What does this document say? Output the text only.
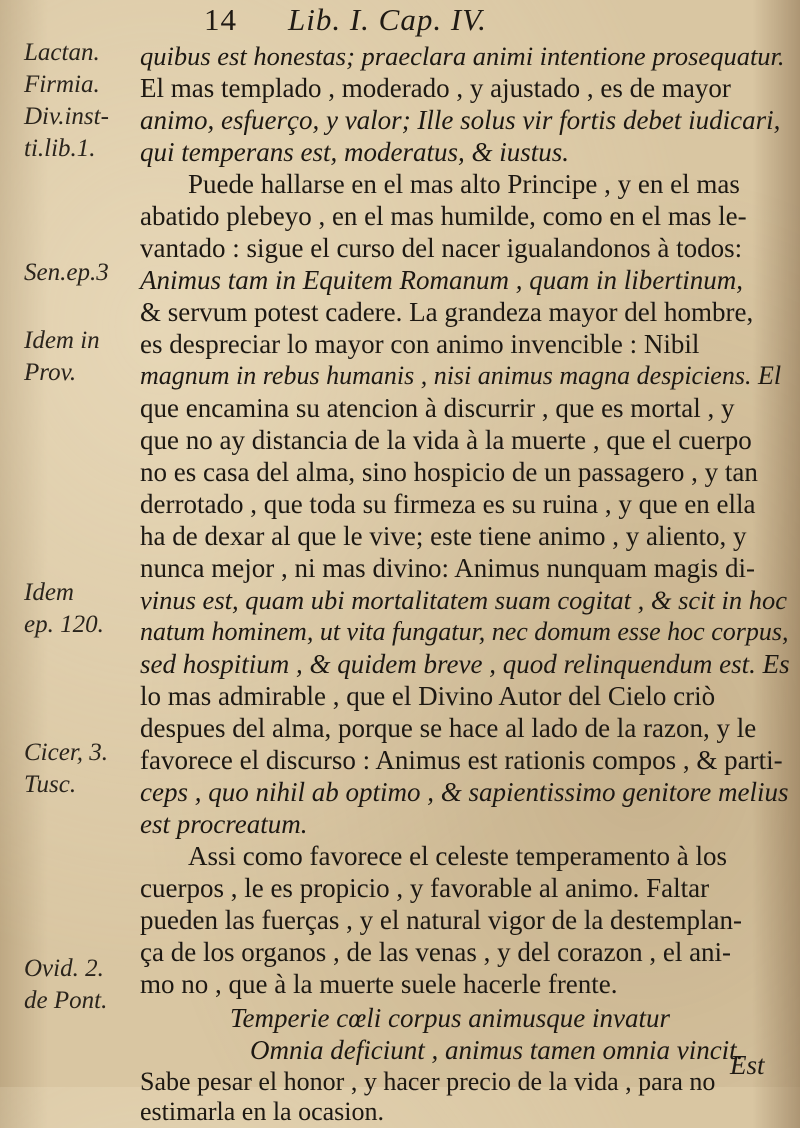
14 Lib. I. Cap. IV.
Lactan.
Firmia.
Div.inst-
ti.lib.1.
Sen.ep.3
Idem in
Prov.
Idem
ep. 120.
Cicer, 3.
Tusc.
Ovid. 2.
de Pont.
quibus est honestas; praeclara animi intentione prosequatur.
El mas templado , moderado , y ajustado , es de mayor
animo, esfuerço, y valor; Ille solus vir fortis debet iudicari,
qui temperans est, moderatus, & iustus.
Puede hallarse en el mas alto Principe , y en el mas
abatido plebeyo , en el mas humilde, como en el mas le-
vantado : sigue el curso del nacer igualandonos à todos:
Animus tam in Equitem Romanum , quam in libertinum,
& servum potest cadere. La grandeza mayor del hombre,
es despreciar lo mayor con animo invencible : Nibil
magnum in rebus humanis , nisi animus magna despiciens. El
que encamina su atencion à discurrir , que es mortal , y
que no ay distancia de la vida à la muerte , que el cuerpo
no es casa del alma, sino hospicio de un passagero , y tan
derrotado , que toda su firmeza es su ruina , y que en ella
ha de dexar al que le vive; este tiene animo , y aliento, y
nunca mejor , ni mas divino: Animus nunquam magis di-
vinus est, quam ubi mortalitatem suam cogitat , & scit in hoc
natum hominem, ut vita fungatur, nec domum esse hoc corpus,
sed hospitium , & quidem breve , quod relinquendum est. Es
lo mas admirable , que el Divino Autor del Cielo criò
despues del alma, porque se hace al lado de la razon, y le
favorece el discurso : Animus est rationis compos , & parti-
ceps , quo nihil ab optimo , & sapientissimo genitore melius
est procreatum.
Assi como favorece el celeste temperamento à los
cuerpos , le es propicio , y favorable al animo. Faltar
pueden las fuerças , y el natural vigor de la destemplan-
ça de los organos , de las venas , y del corazon , el ani-
mo no , que à la muerte suele hacerle frente.
Temperie cœli corpus animusque invatur
Omnia deficiunt , animus tamen omnia vincit.
Sabe pesar el honor , y hacer precio de la vida , para no
estimarla en la ocasion.
Est
